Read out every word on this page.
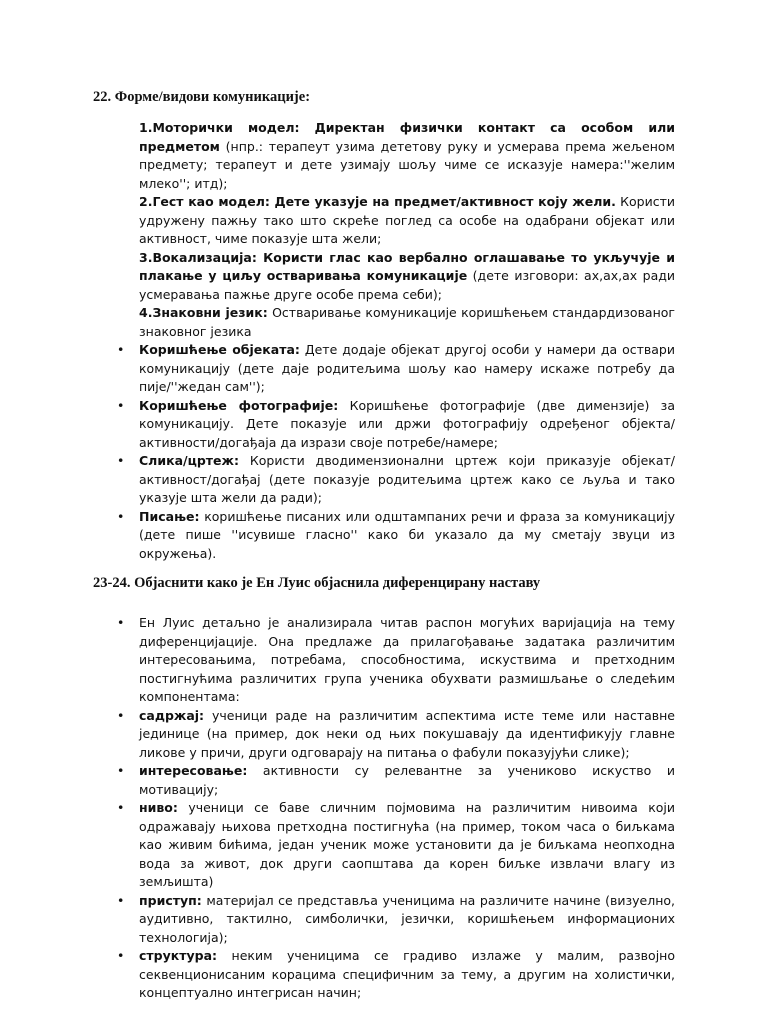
22. Форме/видови комуникације:

1.Моторички модел: Директан физички контакт са особом или предметом (нпр.: терапеут узима дететову руку и усмерава према жељеном предмету; терапеут и дете узимају шољу чиме се исказује намера:''желим млеко''; итд);

2.Гест као модел: Дете указује на предмет/активност коју жели. Користи удружену пажњу тако што скреће поглед са особе на одабрани објекат или активност, чиме показује шта жели;

3.Вокализација: Користи глас као вербално оглашавање то укључује и плакање у циљу остваривања комуникације (дете изговори: ах,ах,ах ради усмеравања пажње друге особе према себи);

4.Знаковни језик: Остваривање комуникације коришћењем стандардизованог знаковног језика

• Коришћење објеката: Дете додаје објекат другој особи у намери да оствари комуникацију (дете даје родитељима шољу као намеру искаже потребу да пије/''жедан сам'');

• Коришћење фотографије: Коришћење фотографије (две димензије) за комуникацију. Дете показује или држи фотографију одређеног објекта/активности/догађаја да изрази своје потребе/намере;

• Слика/цртеж: Користи дводимензионални цртеж који приказује објекат/активност/догађај (дете показује родитељима цртеж како се љуља и тако указује шта жели да ради);

• Писање: коришћење писаних или одштампаних речи и фраза за комуникацију (дете пише ''исувише гласно'' како би указало да му сметају звуци из окружења).

23-24. Објаснити како је Ен Луис објаснила диференцирану наставу

• Ен Луис детаљно је анализирала читав распон могућих варијација на тему диференцијације. Она предлаже да прилагођавање задатака различитим интересовањима, потребама, способностима, искуствима и претходним постигнућима различитих група ученика обухвати размишљање о следећим компонентама:

• садржај: ученици раде на различитим аспектима исте теме или наставне јединице (на пример, док неки од њих покушавају да идентификују главне ликове у причи, други одговарају на питања о фабули показујући слике);

• интересовање: активности су релевантне за учениково искуство и мотивацију;

• ниво: ученици се баве сличним појмовима на различитим нивоима који одражавају њихова претходна постигнућа (на пример, током часа о биљкама као живим бићима, један ученик може установити да је биљкама неопходна вода за живот, док други саопштава да корен биљке извлачи влагу из земљишта)

• приступ: материјал се представља ученицима на различите начине (визуелно, аудитивно, тактилно, симболички, језички, коришћењем информационих технологија);

• структура: неким ученицима се градиво излаже у малим, развојно секвенционисаним корацима специфичним за тему, а другим на холистички, концептуално интегрисан начин;
